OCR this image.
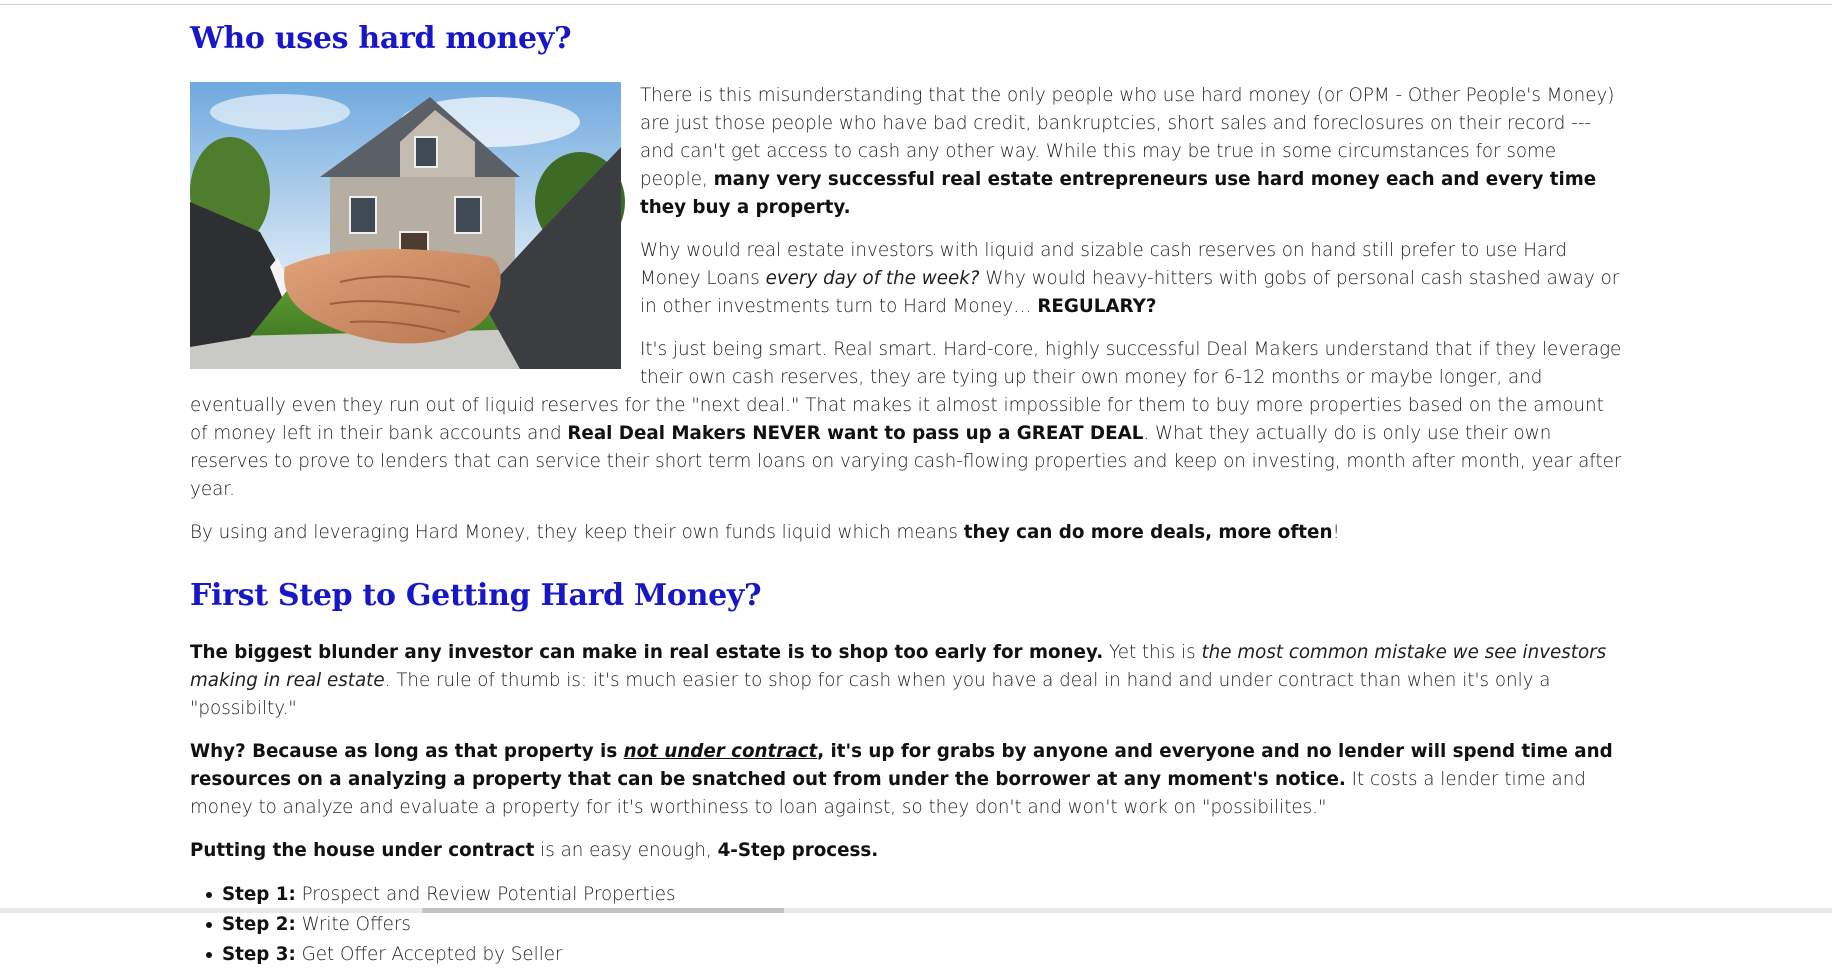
Who uses hard money?

There is this misunderstanding that the only people who use hard money (or OPM - Other People's Money) are just those people who have bad credit, bankruptcies, short sales and foreclosures on their record --- and can't get access to cash any other way. While this may be true in some circumstances for some people, many very successful real estate entrepreneurs use hard money each and every time they buy a property.

Why would real estate investors with liquid and sizable cash reserves on hand still prefer to use Hard Money Loans every day of the week? Why would heavy-hitters with gobs of personal cash stashed away or in other investments turn to Hard Money… REGULARY?

It's just being smart. Real smart. Hard-core, highly successful Deal Makers understand that if they leverage their own cash reserves, they are tying up their own money for 6-12 months or maybe longer, and eventually even they run out of liquid reserves for the "next deal." That makes it almost impossible for them to buy more properties based on the amount of money left in their bank accounts and Real Deal Makers NEVER want to pass up a GREAT DEAL. What they actually do is only use their own reserves to prove to lenders that can service their short term loans on varying cash-flowing properties and keep on investing, month after month, year after year.

By using and leveraging Hard Money, they keep their own funds liquid which means they can do more deals, more often!

First Step to Getting Hard Money?

The biggest blunder any investor can make in real estate is to shop too early for money. Yet this is the most common mistake we see investors making in real estate. The rule of thumb is: it's much easier to shop for cash when you have a deal in hand and under contract than when it's only a "possibilty."

Why? Because as long as that property is not under contract, it's up for grabs by anyone and everyone and no lender will spend time and resources on a analyzing a property that can be snatched out from under the borrower at any moment's notice. It costs a lender time and money to analyze and evaluate a property for it's worthiness to loan against, so they don't and won't work on "possibilites."

Putting the house under contract is an easy enough, 4-Step process.

Step 1: Prospect and Review Potential Properties
Step 2: Write Offers
Step 3: Get Offer Accepted by Seller
